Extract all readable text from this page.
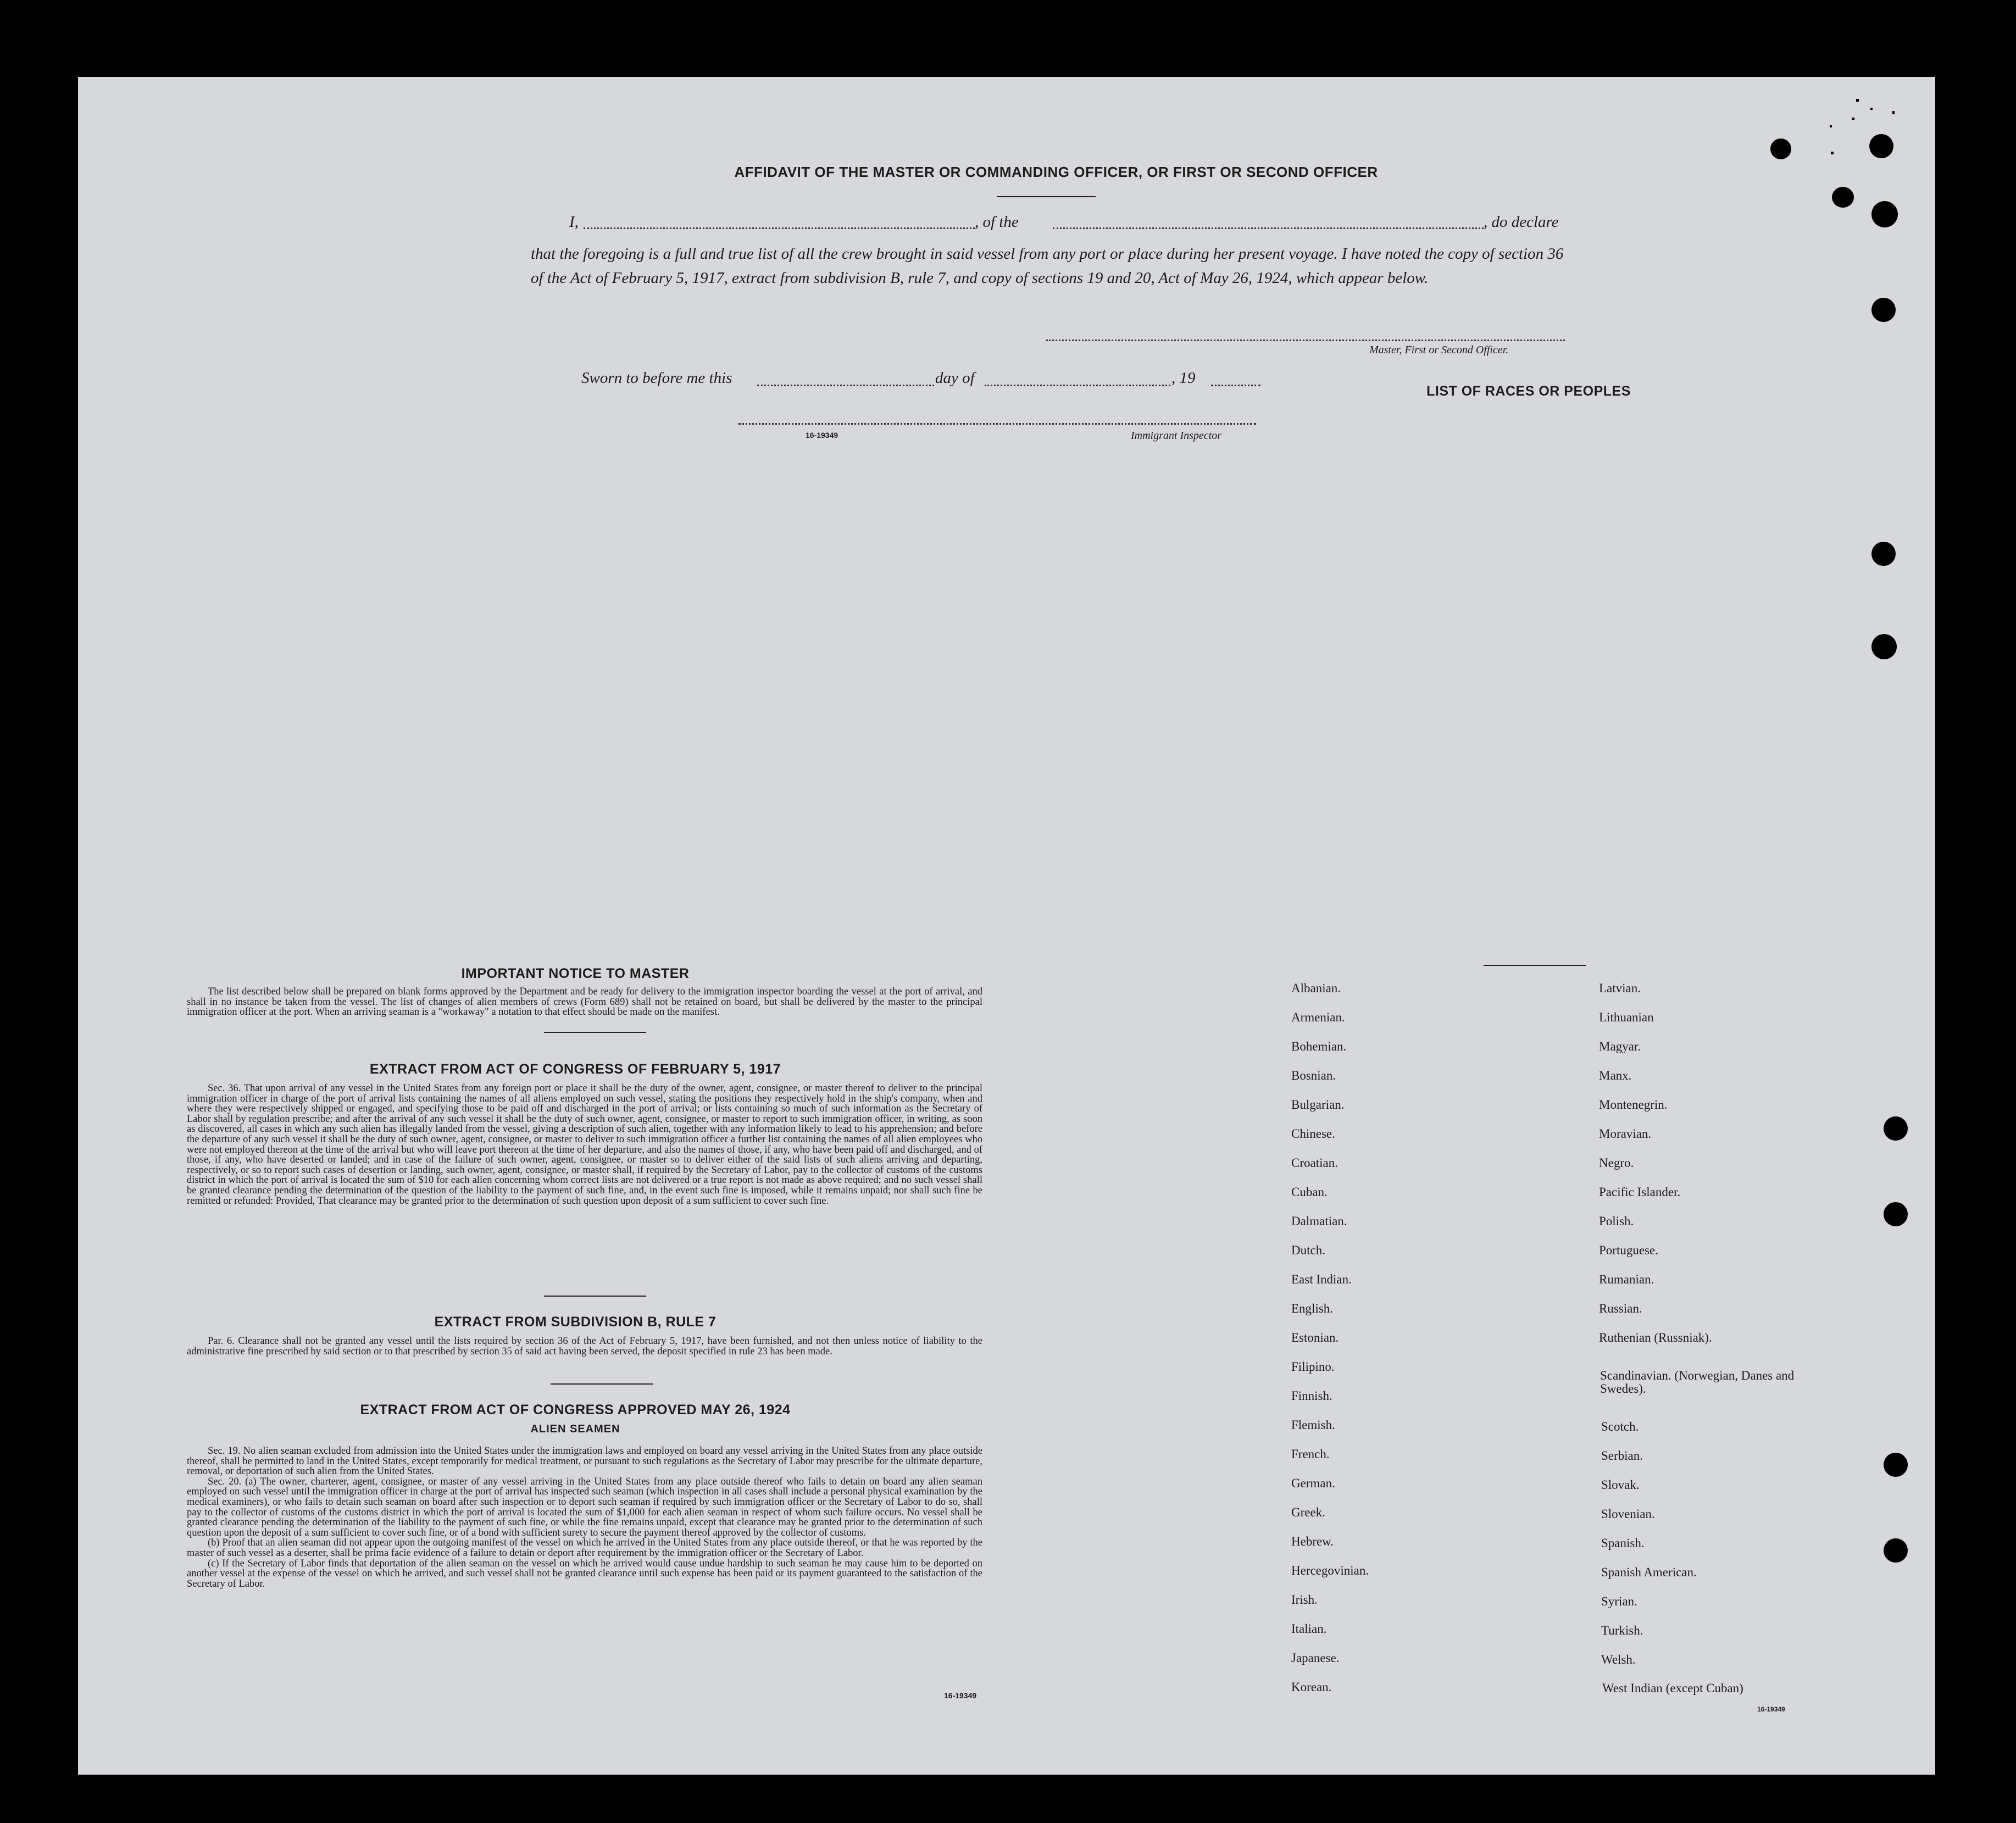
AFFIDAVIT OF THE MASTER OR COMMANDING OFFICER, OR FIRST OR SECOND OFFICER
I,	, of the	, do declare
that the foregoing is a full and true list of all the crew brought in said vessel from any port or place during her present voyage. I have noted the copy of section 36 of the Act of February 5, 1917, extract from subdivision B, rule 7, and copy of sections 19 and 20, Act of May 26, 1924, which appear below.
Master, First or Second Officer.
Sworn to before me this	day of	, 19
16-19349	Immigrant Inspector
IMPORTANT NOTICE TO MASTER
The list described below shall be prepared on blank forms approved by the Department and be ready for delivery to the immigration inspector boarding the vessel at the port of arrival, and shall in no instance be taken from the vessel. The list of changes of alien members of crews (Form 689) shall not be retained on board, but shall be delivered by the master to the principal immigration officer at the port. When an arriving seaman is a "workaway" a notation to that effect should be made on the manifest.
EXTRACT FROM ACT OF CONGRESS OF FEBRUARY 5, 1917
Sec. 36. That upon arrival of any vessel in the United States from any foreign port or place it shall be the duty of the owner, agent, consignee, or master thereof to deliver to the principal immigration officer in charge of the port of arrival lists containing the names of all aliens employed on such vessel, stating the positions they respectively hold in the ship's company, when and where they were respectively shipped or engaged, and specifying those to be paid off and discharged in the port of arrival; or lists containing so much of such information as the Secretary of Labor shall by regulation prescribe; and after the arrival of any such vessel it shall be the duty of such owner, agent, consignee, or master to report to such immigration officer, in writing, as soon as discovered, all cases in which any such alien has illegally landed from the vessel, giving a description of such alien, together with any information likely to lead to his apprehension; and before the departure of any such vessel it shall be the duty of such owner, agent, consignee, or master to deliver to such immigration officer a further list containing the names of all alien employees who were not employed thereon at the time of the arrival but who will leave port thereon at the time of her departure, and also the names of those, if any, who have been paid off and discharged, and of those, if any, who have deserted or landed; and in case of the failure of such owner, agent, consignee, or master so to deliver either of the said lists of such aliens arriving and departing, respectively, or so to report such cases of desertion or landing, such owner, agent, consignee, or master shall, if required by the Secretary of Labor, pay to the collector of customs of the customs district in which the port of arrival is located the sum of $10 for each alien concerning whom correct lists are not delivered or a true report is not made as above required; and no such vessel shall be granted clearance pending the determination of the question of the liability to the payment of such fine, and, in the event such fine is imposed, while it remains unpaid; nor shall such fine be remitted or refunded: Provided, That clearance may be granted prior to the determination of such question upon deposit of a sum sufficient to cover such fine.
EXTRACT FROM SUBDIVISION B, RULE 7
Par. 6. Clearance shall not be granted any vessel until the lists required by section 36 of the Act of February 5, 1917, have been furnished, and not then unless notice of liability to the administrative fine prescribed by said section or to that prescribed by section 35 of said act having been served, the deposit specified in rule 23 has been made.
EXTRACT FROM ACT OF CONGRESS APPROVED MAY 26, 1924
ALIEN SEAMEN

Sec. 19. No alien seaman excluded from admission into the United States under the immigration laws and employed on board any vessel arriving in the United States from any place outside thereof, shall be permitted to land in the United States, except temporarily for medical treatment, or pursuant to such regulations as the Secretary of Labor may prescribe for the ultimate departure, removal, or deportation of such alien from the United States.

Sec. 20. (a) The owner, charterer, agent, consignee, or master of any vessel arriving in the United States from any place outside thereof who fails to detain on board any alien seaman employed on such vessel until the immigration officer in charge at the port of arrival has inspected such seaman (which inspection in all cases shall include a personal physical examination by the medical examiners), or who fails to detain such seaman on board after such inspection or to deport such seaman if required by such immigration officer or the Secretary of Labor to do so, shall pay to the collector of customs of the customs district in which the port of arrival is located the sum of $1,000 for each alien seaman in respect of whom such failure occurs. No vessel shall be granted clearance pending the determination of the liability to the payment of such fine, or while the fine remains unpaid, except that clearance may be granted prior to the determination of such question upon the deposit of a sum sufficient to cover such fine, or of a bond with sufficient surety to secure the payment thereof approved by the collector of customs.

(b) Proof that an alien seaman did not appear upon the outgoing manifest of the vessel on which he arrived in the United States from any place outside thereof, or that he was reported by the master of such vessel as a deserter, shall be prima facie evidence of a failure to detain or deport after requirement by the immigration officer or the Secretary of Labor.

(c) If the Secretary of Labor finds that deportation of the alien seaman on the vessel on which he arrived would cause undue hardship to such seaman he may cause him to be deported on another vessel at the expense of the vessel on which he arrived, and such vessel shall not be granted clearance until such expense has been paid or its payment guaranteed to the satisfaction of the Secretary of Labor.

16-19349
LIST OF RACES OR PEOPLES
Albanian.
Armenian.
Bohemian.
Bosnian.
Bulgarian.
Chinese.
Croatian.
Cuban.
Dalmatian.
Dutch.
East Indian.
English.
Estonian.
Filipino.
Finnish.
Flemish.
French.
German.
Greek.
Hebrew.
Hercegovinian.
Irish.
Italian.
Japanese.
Korean.
Latvian.
Lithuanian
Magyar.
Manx.
Montenegrin.
Moravian.
Negro.
Pacific Islander.
Polish.
Portuguese.
Rumanian.
Russian.
Ruthenian (Russniak).
Scandinavian. (Norwegian, Danes and Swedes).
Scotch.
Serbian.
Slovak.
Slovenian.
Spanish.
Spanish American.
Syrian.
Turkish.
Welsh.
West Indian (except Cuban)
16-19349
